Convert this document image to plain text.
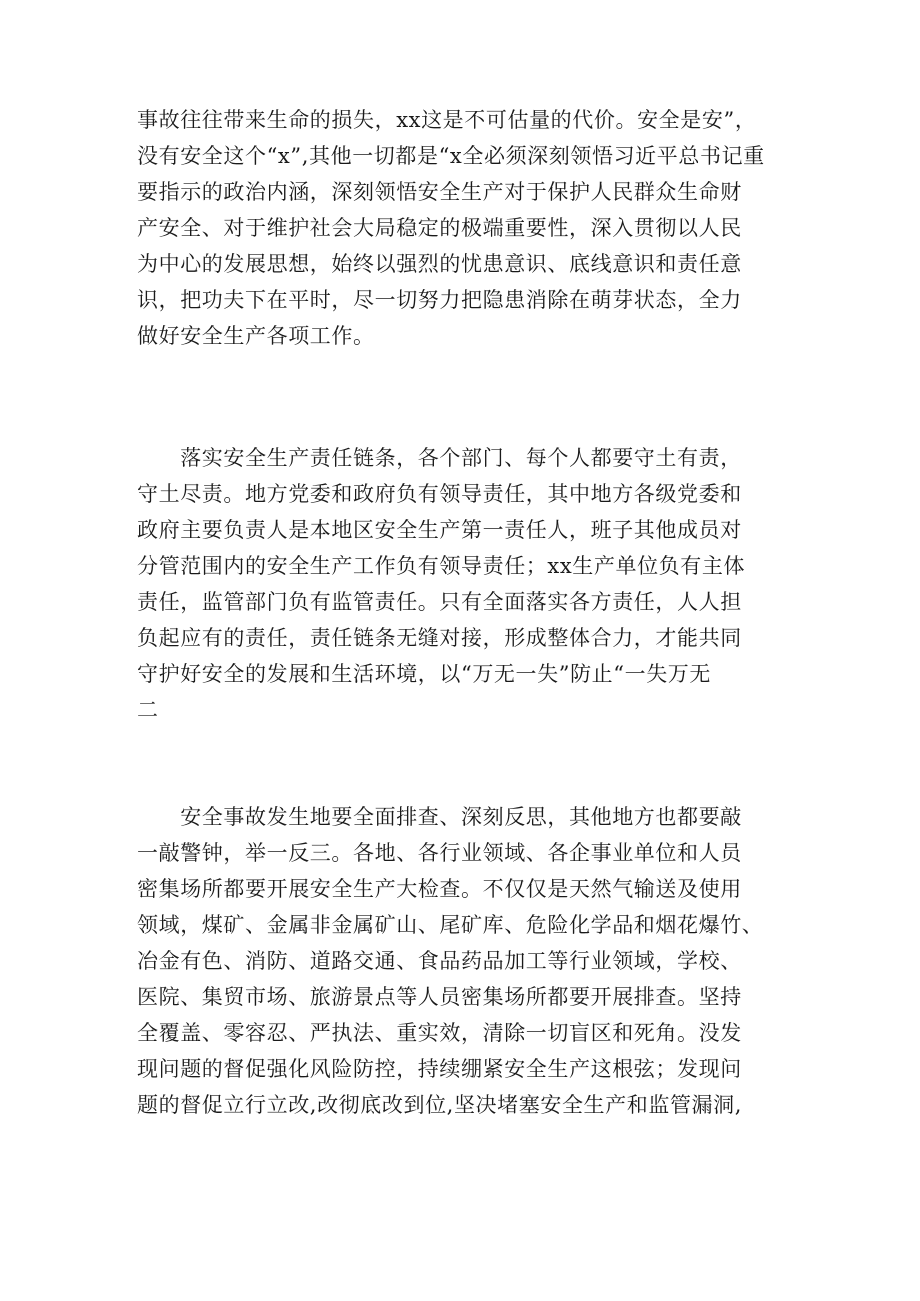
事故往往带来生命的损失，xx这是不可估量的代价。安全是安”，
没有安全这个“x”,其他一切都是“x全必须深刻领悟习近平总书记重
要指示的政治内涵，深刻领悟安全生产对于保护人民群众生命财
产安全、对于维护社会大局稳定的极端重要性，深入贯彻以人民
为中心的发展思想，始终以强烈的忧患意识、底线意识和责任意
识，把功夫下在平时，尽一切努力把隐患消除在萌芽状态，全力
做好安全生产各项工作。
　　落实安全生产责任链条，各个部门、每个人都要守土有责，
守土尽责。地方党委和政府负有领导责任，其中地方各级党委和
政府主要负责人是本地区安全生产第一责任人，班子其他成员对
分管范围内的安全生产工作负有领导责任；xx生产单位负有主体
责任，监管部门负有监管责任。只有全面落实各方责任，人人担
负起应有的责任，责任链条无缝对接，形成整体合力，才能共同
守护好安全的发展和生活环境，以“万无一失”防止“一失万无
二
　　安全事故发生地要全面排查、深刻反思，其他地方也都要敲
一敲警钟，举一反三。各地、各行业领域、各企事业单位和人员
密集场所都要开展安全生产大检查。不仅仅是天然气输送及使用
领域，煤矿、金属非金属矿山、尾矿库、危险化学品和烟花爆竹、
冶金有色、消防、道路交通、食品药品加工等行业领域，学校、
医院、集贸市场、旅游景点等人员密集场所都要开展排查。坚持
全覆盖、零容忍、严执法、重实效，清除一切盲区和死角。没发
现问题的督促强化风险防控，持续绷紧安全生产这根弦；发现问
题的督促立行立改,改彻底改到位,坚决堵塞安全生产和监管漏洞,
